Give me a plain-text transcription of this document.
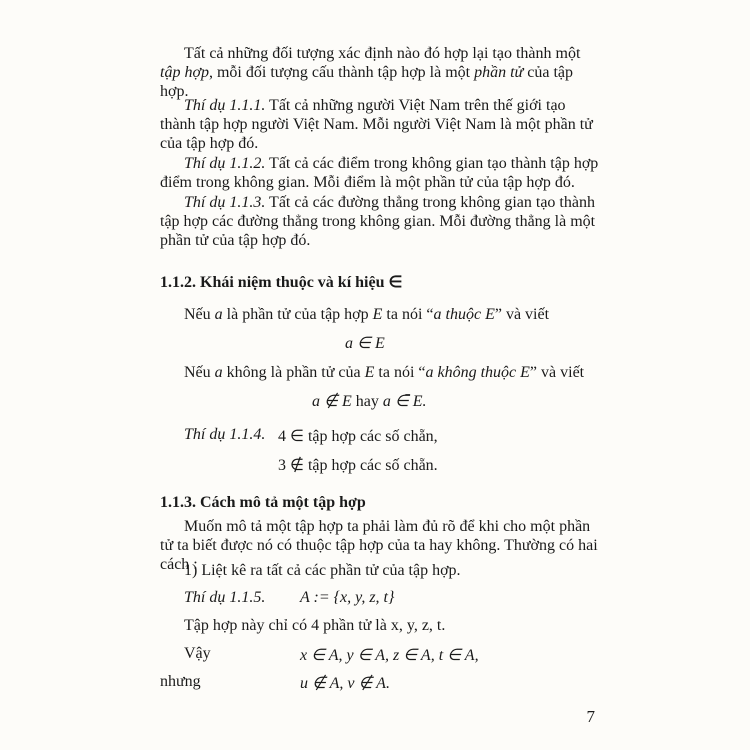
Tất cả những đối tượng xác định nào đó hợp lại tạo thành một tập hợp, mỗi đối tượng cấu thành tập hợp là một phần tử của tập hợp.

Thí dụ 1.1.1. Tất cả những người Việt Nam trên thế giới tạo thành tập hợp người Việt Nam. Mỗi người Việt Nam là một phần tử của tập hợp đó.

Thí dụ 1.1.2. Tất cả các điểm trong không gian tạo thành tập hợp điểm trong không gian. Mỗi điểm là một phần tử của tập hợp đó.

Thí dụ 1.1.3. Tất cả các đường thẳng trong không gian tạo thành tập hợp các đường thẳng trong không gian. Mỗi đường thẳng là một phần tử của tập hợp đó.

1.1.2. Khái niệm thuộc và kí hiệu ∈

Nếu a là phần tử của tập hợp E ta nói “a thuộc E” và viết

a ∈ E

Nếu a không là phần tử của E ta nói “a không thuộc E” và viết

a ∉ E hay a ∈̄ E.
Thí dụ 1.1.4. 4 ∈ tập hợp các số chẵn,
3 ∉ tập hợp các số chẵn.
1.1.3. Cách mô tả một tập hợp

Muốn mô tả một tập hợp ta phải làm đủ rõ để khi cho một phần tử ta biết được nó có thuộc tập hợp của ta hay không. Thường có hai cách :

1) Liệt kê ra tất cả các phần tử của tập hợp.

Thí dụ 1.1.5. A := {x, y, z, t}

Tập hợp này chỉ có 4 phần tử là x, y, z, t.

Vậy	x ∈ A, y ∈ A, z ∈ A, t ∈ A,
nhưng	u ∉ A, v ∉ A.
7
